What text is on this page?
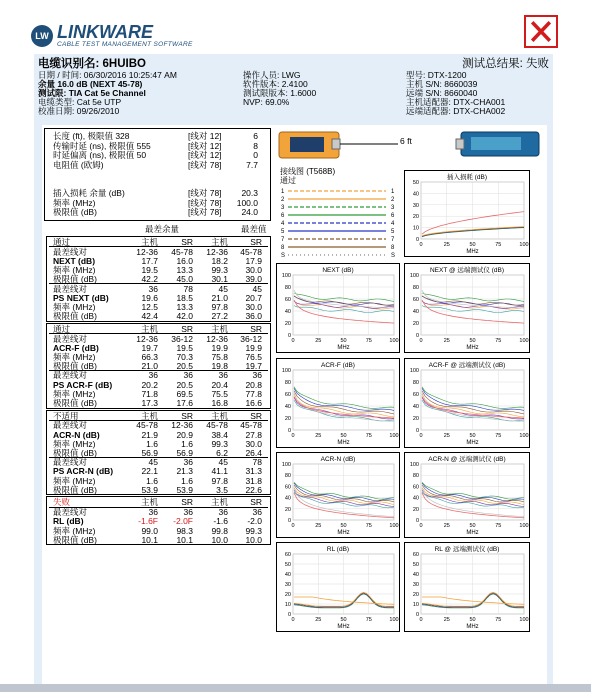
LW LINKWARE
CABLE TEST MANAGEMENT SOFTWARE
电缆识别名: 6HUIBO	测试总结果: 失败
日期 / 时间: 06/30/2016 10:25:47 AM
余量 16.0 dB (NEXT 45-78)
测试限: TIA Cat 5e Channel
电缆类型: Cat 5e UTP
校准日期: 09/26/2010
操作人员: LWG
软件版本: 2.4100
测试限版本: 1.6000
NVP: 69.0%
型号: DTX-1200
主机 S/N: 8660039
远端 S/N: 8660040
主机适配器: DTX-CHA001
远端适配器: DTX-CHA002
最差余量	最差值
接线图 (T568B)
通过
1	1
2	2
3	3
6	6
4	4
5	5
7	7
8	8
S	S
6 ft
长度 (ft), 极限值 328	[线对 12]	6
传输时延 (ns), 极限值 555	[线对 12]	8
时延偏离 (ns), 极限值 50	[线对 12]	0
电阻值 (欧姆)	[线对 78]	7.7
插入损耗 余量 (dB)	[线对 78]	20.3
频率 (MHz)	[线对 78]	100.0
极限值 (dB)	[线对 78]	24.0
通过	主机	SR	主机	SR
最差线对	12-36	45-78	12-36	45-78
NEXT (dB)	17.7	16.0	18.2	17.9
频率 (MHz)	19.5	13.3	99.3	30.0
极限值 (dB)	42.2	45.0	30.1	39.0
最差线对	36	78	45	45
PS NEXT (dB)	19.6	18.5	21.0	20.7
频率 (MHz)	12.5	13.3	97.8	30.0
极限值 (dB)	42.4	42.0	27.2	36.0
通过	主机	SR	主机	SR
最差线对	12-36	36-12	12-36	36-12
ACR-F (dB)	19.7	19.5	19.9	19.9
频率 (MHz)	66.3	70.3	75.8	76.5
极限值 (dB)	21.0	20.5	19.8	19.7
最差线对	36	36	36	36
PS ACR-F (dB)	20.2	20.5	20.4	20.8
频率 (MHz)	71.8	69.5	75.5	77.8
极限值 (dB)	17.3	17.6	16.8	16.6
不适用	主机	SR	主机	SR
最差线对	45-78	12-36	45-78	45-78
ACR-N (dB)	21.9	20.9	38.4	27.8
频率 (MHz)	1.6	1.6	99.3	30.0
极限值 (dB)	56.9	56.9	6.2	26.4
最差线对	45	36	45	78
PS ACR-N (dB)	22.1	21.3	41.1	31.3
频率 (MHz)	1.6	1.6	97.8	31.8
极限值 (dB)	53.9	53.9	3.5	22.6
失败	主机	SR	主机	SR
最差线对	36	36	36	36
RL (dB)	-1.6F	-2.0F	-1.6	-2.0
频率 (MHz)	99.0	98.3	99.8	99.3
极限值 (dB)	10.1	10.1	10.0	10.0
插入损耗 (dB)
50
40
30
20
10
0
0	25	50	75	100
MHz
NEXT (dB)
100
80
60
40
20
0
0	25	50	75	100
MHz
NEXT @ 远端测试仪 (dB)
100
80
60
40
20
0
0	25	50	75	100
MHz
ACR-F (dB)
100
80
60
40
20
0
0	25	50	75	100
MHz
ACR-F @ 远端测试仪 (dB)
100
80
60
40
20
0
0	25	50	75	100
MHz
ACR-N (dB)
100
80
60
40
20
0
0	25	50	75	100
MHz
ACR-N @ 远端测试仪 (dB)
100
80
60
40
20
0
0	25	50	75	100
MHz
RL (dB)
60
50
40
30
20
10
0
0	25	50	75	100
MHz
RL @ 远端测试仪 (dB)
60
50
40
30
20
10
0
0	25	50	75	100
MHz
